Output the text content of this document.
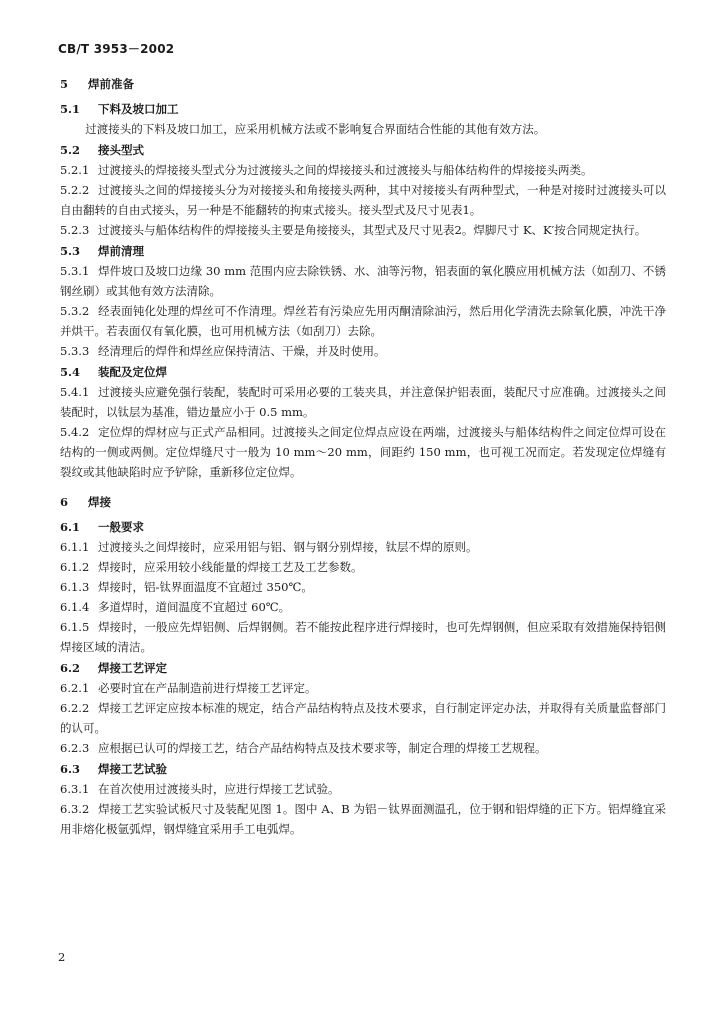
CB/T 3953－2002
5 焊前准备
5.1 下料及坡口加工
过渡接头的下料及坡口加工，应采用机械方法或不影响复合界面结合性能的其他有效方法。
5.2 接头型式
5.2.1 过渡接头的焊接接头型式分为过渡接头之间的焊接接头和过渡接头与船体结构件的焊接接头两类。
5.2.2 过渡接头之间的焊接接头分为对接接头和角接接头两种，其中对接接头有两种型式，一种是对接时过渡接头可以自由翻转的自由式接头，另一种是不能翻转的拘束式接头。接头型式及尺寸见表1。
5.2.3 过渡接头与船体结构件的焊接接头主要是角接接头，其型式及尺寸见表2。焊脚尺寸 K、K′按合同规定执行。
5.3 焊前清理
5.3.1 焊件坡口及坡口边缘 30 mm 范围内应去除铁锈、水、油等污物，铝表面的氧化膜应用机械方法（如刮刀、不锈钢丝刷）或其他有效方法清除。
5.3.2 经表面钝化处理的焊丝可不作清理。焊丝若有污染应先用丙酮清除油污，然后用化学清洗去除氧化膜，冲洗干净并烘干。若表面仅有氧化膜，也可用机械方法（如刮刀）去除。
5.3.3 经清理后的焊件和焊丝应保持清洁、干燥，并及时使用。
5.4 装配及定位焊
5.4.1 过渡接头应避免强行装配，装配时可采用必要的工装夹具，并注意保护铝表面，装配尺寸应准确。过渡接头之间装配时，以钛层为基准，错边量应小于 0.5 mm。
5.4.2 定位焊的焊材应与正式产品相同。过渡接头之间定位焊点应设在两端，过渡接头与船体结构件之间定位焊可设在结构的一侧或两侧。定位焊缝尺寸一般为 10 mm～20 mm，间距约 150 mm，也可视工况而定。若发现定位焊缝有裂纹或其他缺陷时应予铲除，重新移位定位焊。
6 焊接
6.1 一般要求
6.1.1 过渡接头之间焊接时，应采用铝与铝、钢与钢分别焊接，钛层不焊的原则。
6.1.2 焊接时，应采用较小线能量的焊接工艺及工艺参数。
6.1.3 焊接时，铝-钛界面温度不宜超过 350℃。
6.1.4 多道焊时，道间温度不宜超过 60℃。
6.1.5 焊接时，一般应先焊铝侧、后焊钢侧。若不能按此程序进行焊接时，也可先焊钢侧，但应采取有效措施保持铝侧焊接区域的清洁。
6.2 焊接工艺评定
6.2.1 必要时宜在产品制造前进行焊接工艺评定。
6.2.2 焊接工艺评定应按本标准的规定，结合产品结构特点及技术要求，自行制定评定办法，并取得有关质量监督部门的认可。
6.2.3 应根据已认可的焊接工艺，结合产品结构特点及技术要求等，制定合理的焊接工艺规程。
6.3 焊接工艺试验
6.3.1 在首次使用过渡接头时，应进行焊接工艺试验。
6.3.2 焊接工艺实验试板尺寸及装配见图 1。图中 A、B 为铝－钛界面测温孔，位于钢和铝焊缝的正下方。铝焊缝宜采用非熔化极氩弧焊，钢焊缝宜采用手工电弧焊。
2
